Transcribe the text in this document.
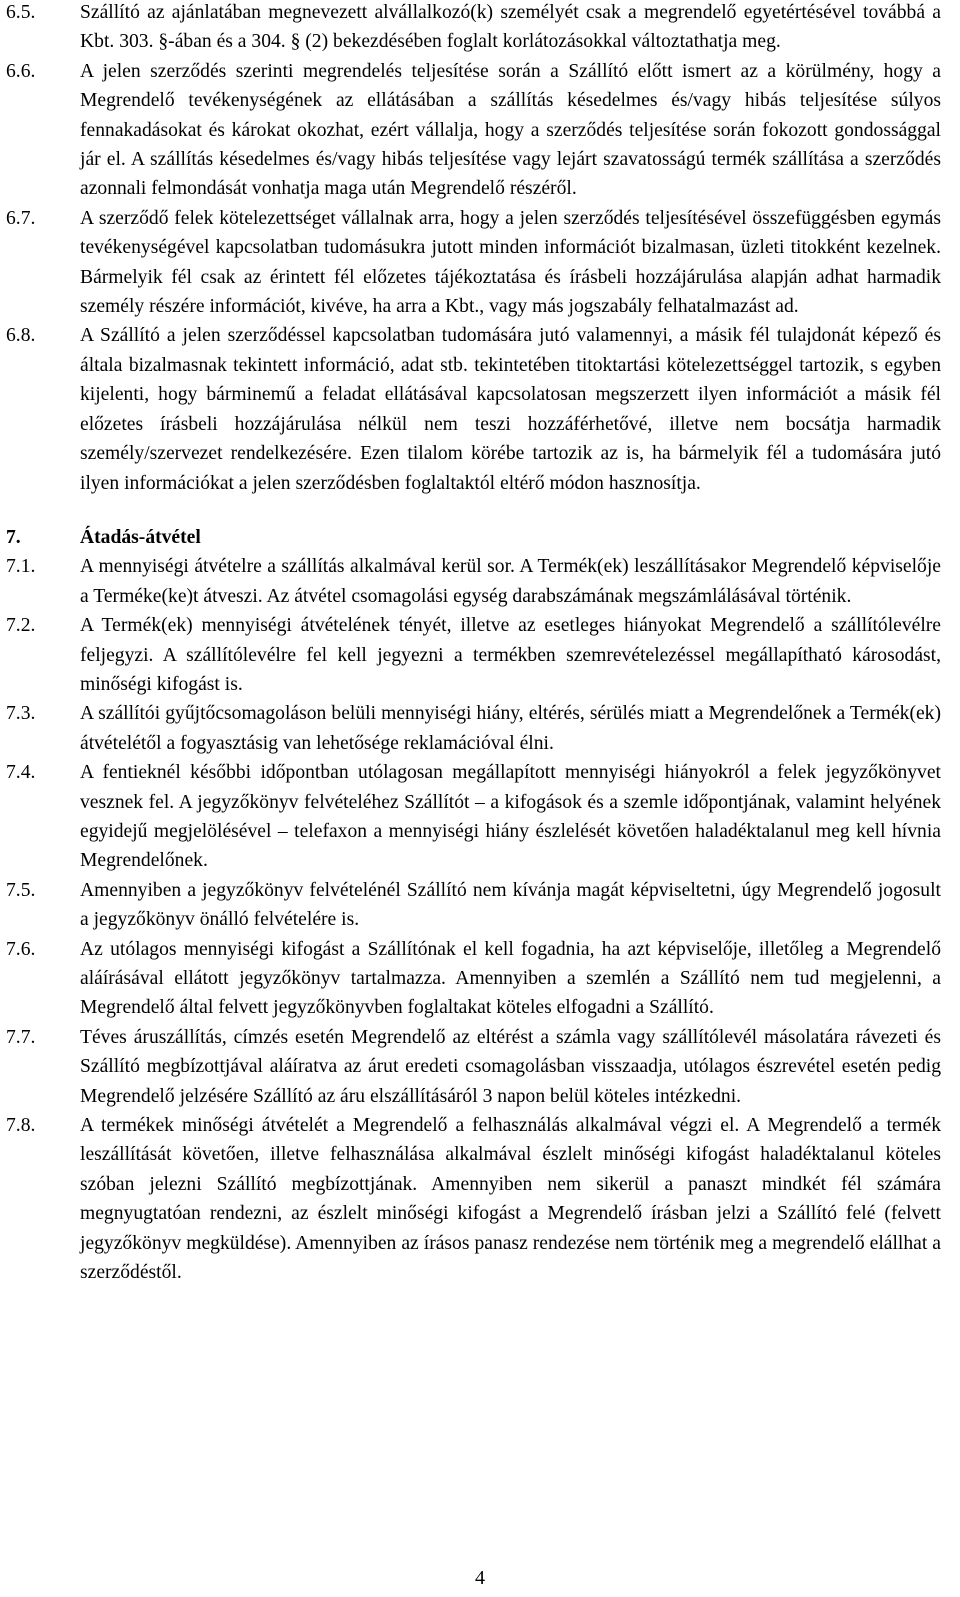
6.5.	Szállító az ajánlatában megnevezett alvállalkozó(k) személyét csak a megrendelő egyetértésével továbbá a Kbt. 303. §-ában és a 304. § (2) bekezdésében foglalt korlátozásokkal változtathatja meg.
6.6.	A jelen szerződés szerinti megrendelés teljesítése során a Szállító előtt ismert az a körülmény, hogy a Megrendelő tevékenységének az ellátásában a szállítás késedelmes és/vagy hibás teljesítése súlyos fennakadásokat és károkat okozhat, ezért vállalja, hogy a szerződés teljesítése során fokozott gondossággal jár el. A szállítás késedelmes és/vagy hibás teljesítése vagy lejárt szavatosságú termék szállítása a szerződés azonnali felmondását vonhatja maga után Megrendelő részéről.
6.7.	A szerződő felek kötelezettséget vállalnak arra, hogy a jelen szerződés teljesítésével összefüggésben egymás tevékenységével kapcsolatban tudomásukra jutott minden információt bizalmasan, üzleti titokként kezelnek. Bármelyik fél csak az érintett fél előzetes tájékoztatása és írásbeli hozzájárulása alapján adhat harmadik személy részére információt, kivéve, ha arra a Kbt., vagy más jogszabály felhatalmazást ad.
6.8.	A Szállító a jelen szerződéssel kapcsolatban tudomására jutó valamennyi, a másik fél tulajdonát képező és általa bizalmasnak tekintett információ, adat stb. tekintetében titoktartási kötelezettséggel tartozik, s egyben kijelenti, hogy bárminemű a feladat ellátásával kapcsolatosan megszerzett ilyen információt a másik fél előzetes írásbeli hozzájárulása nélkül nem teszi hozzáférhetővé, illetve nem bocsátja harmadik személy/szervezet rendelkezésére. Ezen tilalom körébe tartozik az is, ha bármelyik fél a tudomására jutó ilyen információkat a jelen szerződésben foglaltaktól eltérő módon hasznosítja.
7.	Átadás-átvétel
7.1.	A mennyiségi átvételre a szállítás alkalmával kerül sor. A Termék(ek) leszállításakor Megrendelő képviselője a Terméke(ke)t átveszi. Az átvétel csomagolási egység darabszámának megszámlálásával történik.
7.2.	A Termék(ek) mennyiségi átvételének tényét, illetve az esetleges hiányokat Megrendelő a szállítólevélre feljegyzi. A szállítólevélre fel kell jegyezni a termékben szemrevételezéssel megállapítható károsodást, minőségi kifogást is.
7.3.	A szállítói gyűjtőcsomagoláson belüli mennyiségi hiány, eltérés, sérülés miatt a Megrendelőnek a Termék(ek) átvételétől a fogyasztásig van lehetősége reklamációval élni.
7.4.	A fentieknél későbbi időpontban utólagosan megállapított mennyiségi hiányokról a felek jegyzőkönyvet vesznek fel. A jegyzőkönyv felvételéhez Szállítót – a kifogások és a szemle időpontjának, valamint helyének egyidejű megjelölésével – telefaxon a mennyiségi hiány észlelését követően haladéktalanul meg kell hívnia Megrendelőnek.
7.5.	Amennyiben a jegyzőkönyv felvételénél Szállító nem kívánja magát képviseltetni, úgy Megrendelő jogosult a jegyzőkönyv önálló felvételére is.
7.6.	Az utólagos mennyiségi kifogást a Szállítónak el kell fogadnia, ha azt képviselője, illetőleg a Megrendelő aláírásával ellátott jegyzőkönyv tartalmazza. Amennyiben a szemlén a Szállító nem tud megjelenni, a Megrendelő által felvett jegyzőkönyvben foglaltakat köteles elfogadni a Szállító.
7.7.	Téves áruszállítás, címzés esetén Megrendelő az eltérést a számla vagy szállítólevél másolatára rávezeti és Szállító megbízottjával aláíratva az árut eredeti csomagolásban visszaadja, utólagos észrevétel esetén pedig Megrendelő jelzésére Szállító az áru elszállításáról 3 napon belül köteles intézkedni.
7.8.	A termékek minőségi átvételét a Megrendelő a felhasználás alkalmával végzi el. A Megrendelő a termék leszállítását követően, illetve felhasználása alkalmával észlelt minőségi kifogást haladéktalanul köteles szóban jelezni Szállító megbízottjának. Amennyiben nem sikerül a panaszt mindkét fél számára megnyugtatóan rendezni, az észlelt minőségi kifogást a Megrendelő írásban jelzi a Szállító felé (felvett jegyzőkönyv megküldése). Amennyiben az írásos panasz rendezése nem történik meg a megrendelő elállhat a szerződéstől.
4
